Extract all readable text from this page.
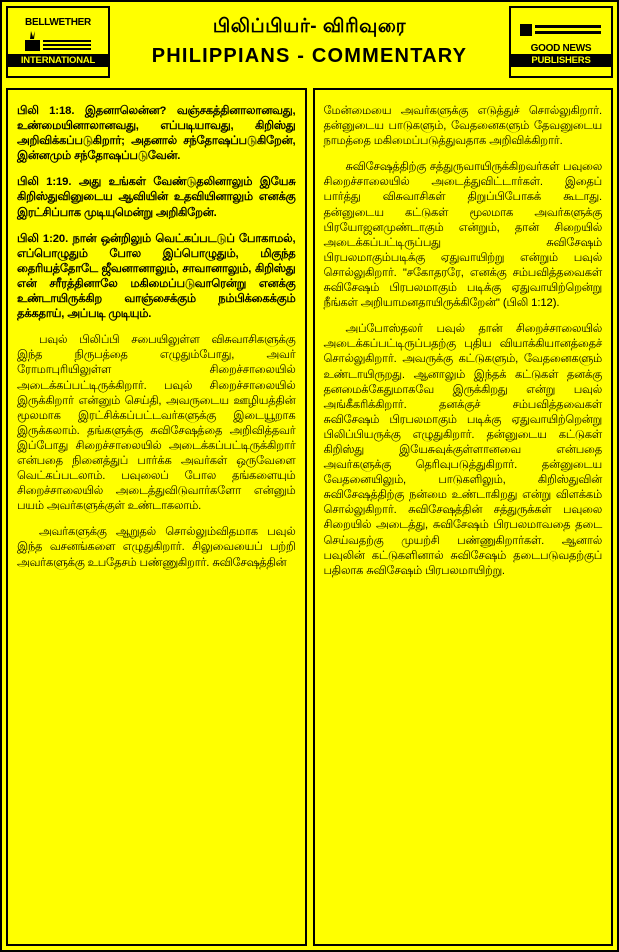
BELLWETHER
INTERNATIONAL
பிலிப்பியர்- விரிவுரை
PHILIPPIANS - COMMENTARY	GOOD NEWS
PUBLISHERS

பிலி 1:18. இதனாலென்ன? வஞ்சகத்தினாலானவது, உண்மையினாலானவது, எப்படியாவது, கிறிஸ்து அறிவிக்கப்படுகிறார்; அதனால் சந்தோஷப்படுகிறேன், இன்னமும் சந்தோஷப்படுவேன்.

பிலி 1:19. அது உங்கள் வேண்டுதலினாலும் இயேசு கிறிஸ்துவினுடைய ஆவியின் உதவியினாலும் எனக்கு இரட்சிப்பாக முடியுமென்று அறிகிறேன்.

பிலி 1:20. நான் ஒன்றிலும் வெட்கப்படடுப் போகாமல், எப்பொழுதும் போல இப்பொழுதும், மிகுந்த தைரியத்தோடே ஜீவனானாலும், சாவானாலும், கிறிஸ்து என் சரீரத்தினாலே மகிமைப்படுவாரென்று எனக்கு உண்டாயிருக்கிற வாஞ்சைக்கும் நம்பிக்கைக்கும் தக்கதாய், அப்படி முடியும்.

பவுல் பிலிப்பி சபையிலுள்ள விசுவாசிகளுக்கு இந்த நிருபத்தை எழுதும்போது, அவர் ரோமாபுரியிலுள்ள சிறைச்சாலையில் அடைக்கப்பட்டிருக்கிறார். பவுல் சிறைச்சாலையில் இருக்கிறார் என்னும் செய்தி, அவருடைய ஊழியத்தின் மூலமாக இரட்சிக்கப்பட்டவர்களுக்கு இடையூறாக இருக்கலாம். தங்களுக்கு சுவிசேஷத்தை அறிவித்தவர் இப்போது சிறைச்சாலையில் அடைக்கப்பட்டிருக்கிறார் என்பதை நினைத்துப் பார்க்க அவர்கள் ஒருவேளை வெட்கப்படலாம். பவுலைப் போல தங்களையும் சிறைச்சாலையில் அடைத்துவிடுவார்களோ என்னும் பயம் அவர்களுக்குள் உண்டாகலாம்.

அவர்களுக்கு ஆறுதல் சொல்லும்விதமாக பவுல் இந்த வசனங்களை எழுதுகிறார். சிலுவையைப் பற்றி அவர்களுக்கு உபதேசம் பண்ணுகிறார். சுவிசேஷத்தின்

மேன்மையை அவர்களுக்கு எடுத்துச் சொல்லுகிறார். தன்னுடைய பாடுகளும், வேதனைகளும் தேவனுடைய நாமத்தை மகிமைப்படுத்துவதாக அறிவிக்கிறார்.

சுவிசேஷத்திற்கு சத்துருவாயிருக்கிறவர்கள் பவுலை சிறைச்சாலையில் அடைத்துவிட்டார்கள். இதைப் பார்த்து விசுவாசிகள் திறுப்பிபோகக் கூடாது. தன்னுடைய கட்டுகள் மூலமாக அவர்களுக்கு பிரயோஜனமுண்டாகும் என்றும், தான் சிறையில் அடைக்கப்பட்டிருப்பது சுவிசேஷம் பிரபலமாகும்படிக்கு ஏதுவாயிற்று என்றும் பவுல் சொல்லுகிறார். "சகோதரரே, எனக்கு சம்பவித்தவைகள் சுவிசேஷம் பிரபலமாகும் படிக்கு ஏதுவாயிற்றென்று நீங்கள் அறியாமனதாயிருக்கிறேன்" (பிலி 1:12).

அப்போஸ்தலர் பவுல் தான் சிறைச்சாலையில் அடைக்கப்பட்டிருப்பதற்கு புதிய வியாக்கியானத்தைச் சொல்லுகிறார். அவருக்கு கட்டுகளும், வேதனைகளும் உண்டாயிருறது. ஆனாலும் இந்தக் கட்டுகள் தனக்கு தனமைக்கேதுமாகவே இருக்கிறது என்று பவுல் அங்கீகரிக்கிறார். தனக்குச் சம்பவித்தவைகள் சுவிசேஷம் பிரபலமாகும் படிக்கு ஏதுவாயிற்றென்று பிலிப்பியருக்கு எழுதுகிறார். தன்னுடைய கட்டுகள் கிறிஸ்து இயேசுவுக்குள்ளானவை என்பதை அவர்களுக்கு தெரிவுபடுத்துகிறார். தன்னுடைய வேதனையிலும், பாடுகளிலும், கிறிஸ்துவின் சுவிசேஷத்திற்கு நன்மை உண்டாகிறது என்று விளக்கம் சொல்லுகிறார். சுவிசேஷத்தின் சத்துருக்கள் பவுலை சிறையில் அடைத்து, சுவிசேஷம் பிரபலமாவதை தடை செய்வதற்கு முயற்சி பண்ணுகிறார்கள். ஆனால் பவுலின் கட்டுகளினால் சுவிசேஷம் தடைபடுவதற்குப் பதிலாக சுவிசேஷம் பிரபலமாயிற்று.
